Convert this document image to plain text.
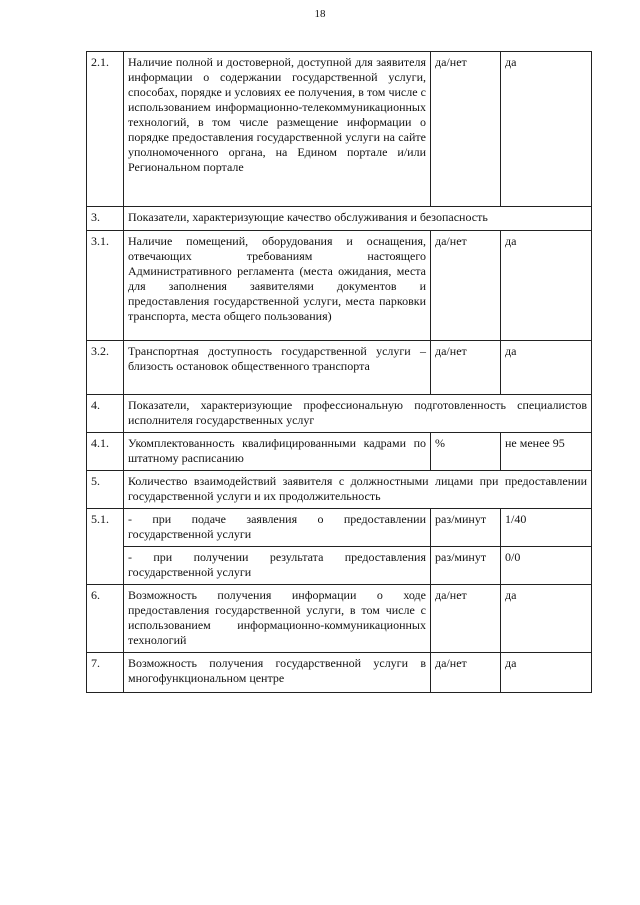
18
2.1.	Наличие полной и достоверной, доступной для заявителя информации о содержании государственной услуги, способах, порядке и условиях ее получения, в том числе с использованием информационно-телекоммуникационных технологий, в том числе размещение информации о порядке предоставления государственной услуги на сайте уполномоченного органа, на Едином портале и/или Региональном портале	да/нет	да
3.	Показатели, характеризующие качество обслуживания и безопасность		
3.1.	Наличие помещений, оборудования и оснащения, отвечающих требованиям настоящего Административного регламента (места ожидания, места для заполнения заявителями документов и предоставления государственной услуги, места парковки транспорта, места общего пользования)	да/нет	да
3.2.	Транспортная доступность государственной услуги – близость остановок общественного транспорта	да/нет	да
4.	Показатели, характеризующие профессиональную подготовленность специалистов исполнителя государственных услуг		
4.1.	Укомплектованность квалифицированными кадрами по штатному расписанию	%	не менее 95
5.	Количество взаимодействий заявителя с должностными лицами при предоставлении государственной услуги и их продолжительность		
5.1.	- при подаче заявления о предоставлении государственной услуги	раз/минут	1/40
	- при получении результата предоставления государственной услуги	раз/минут	0/0
6.	Возможность получения информации о ходе предоставления государственной услуги, в том числе с использованием информационно-коммуникационных технологий	да/нет	да
7.	Возможность получения государственной услуги в многофункциональном центре	да/нет	да
